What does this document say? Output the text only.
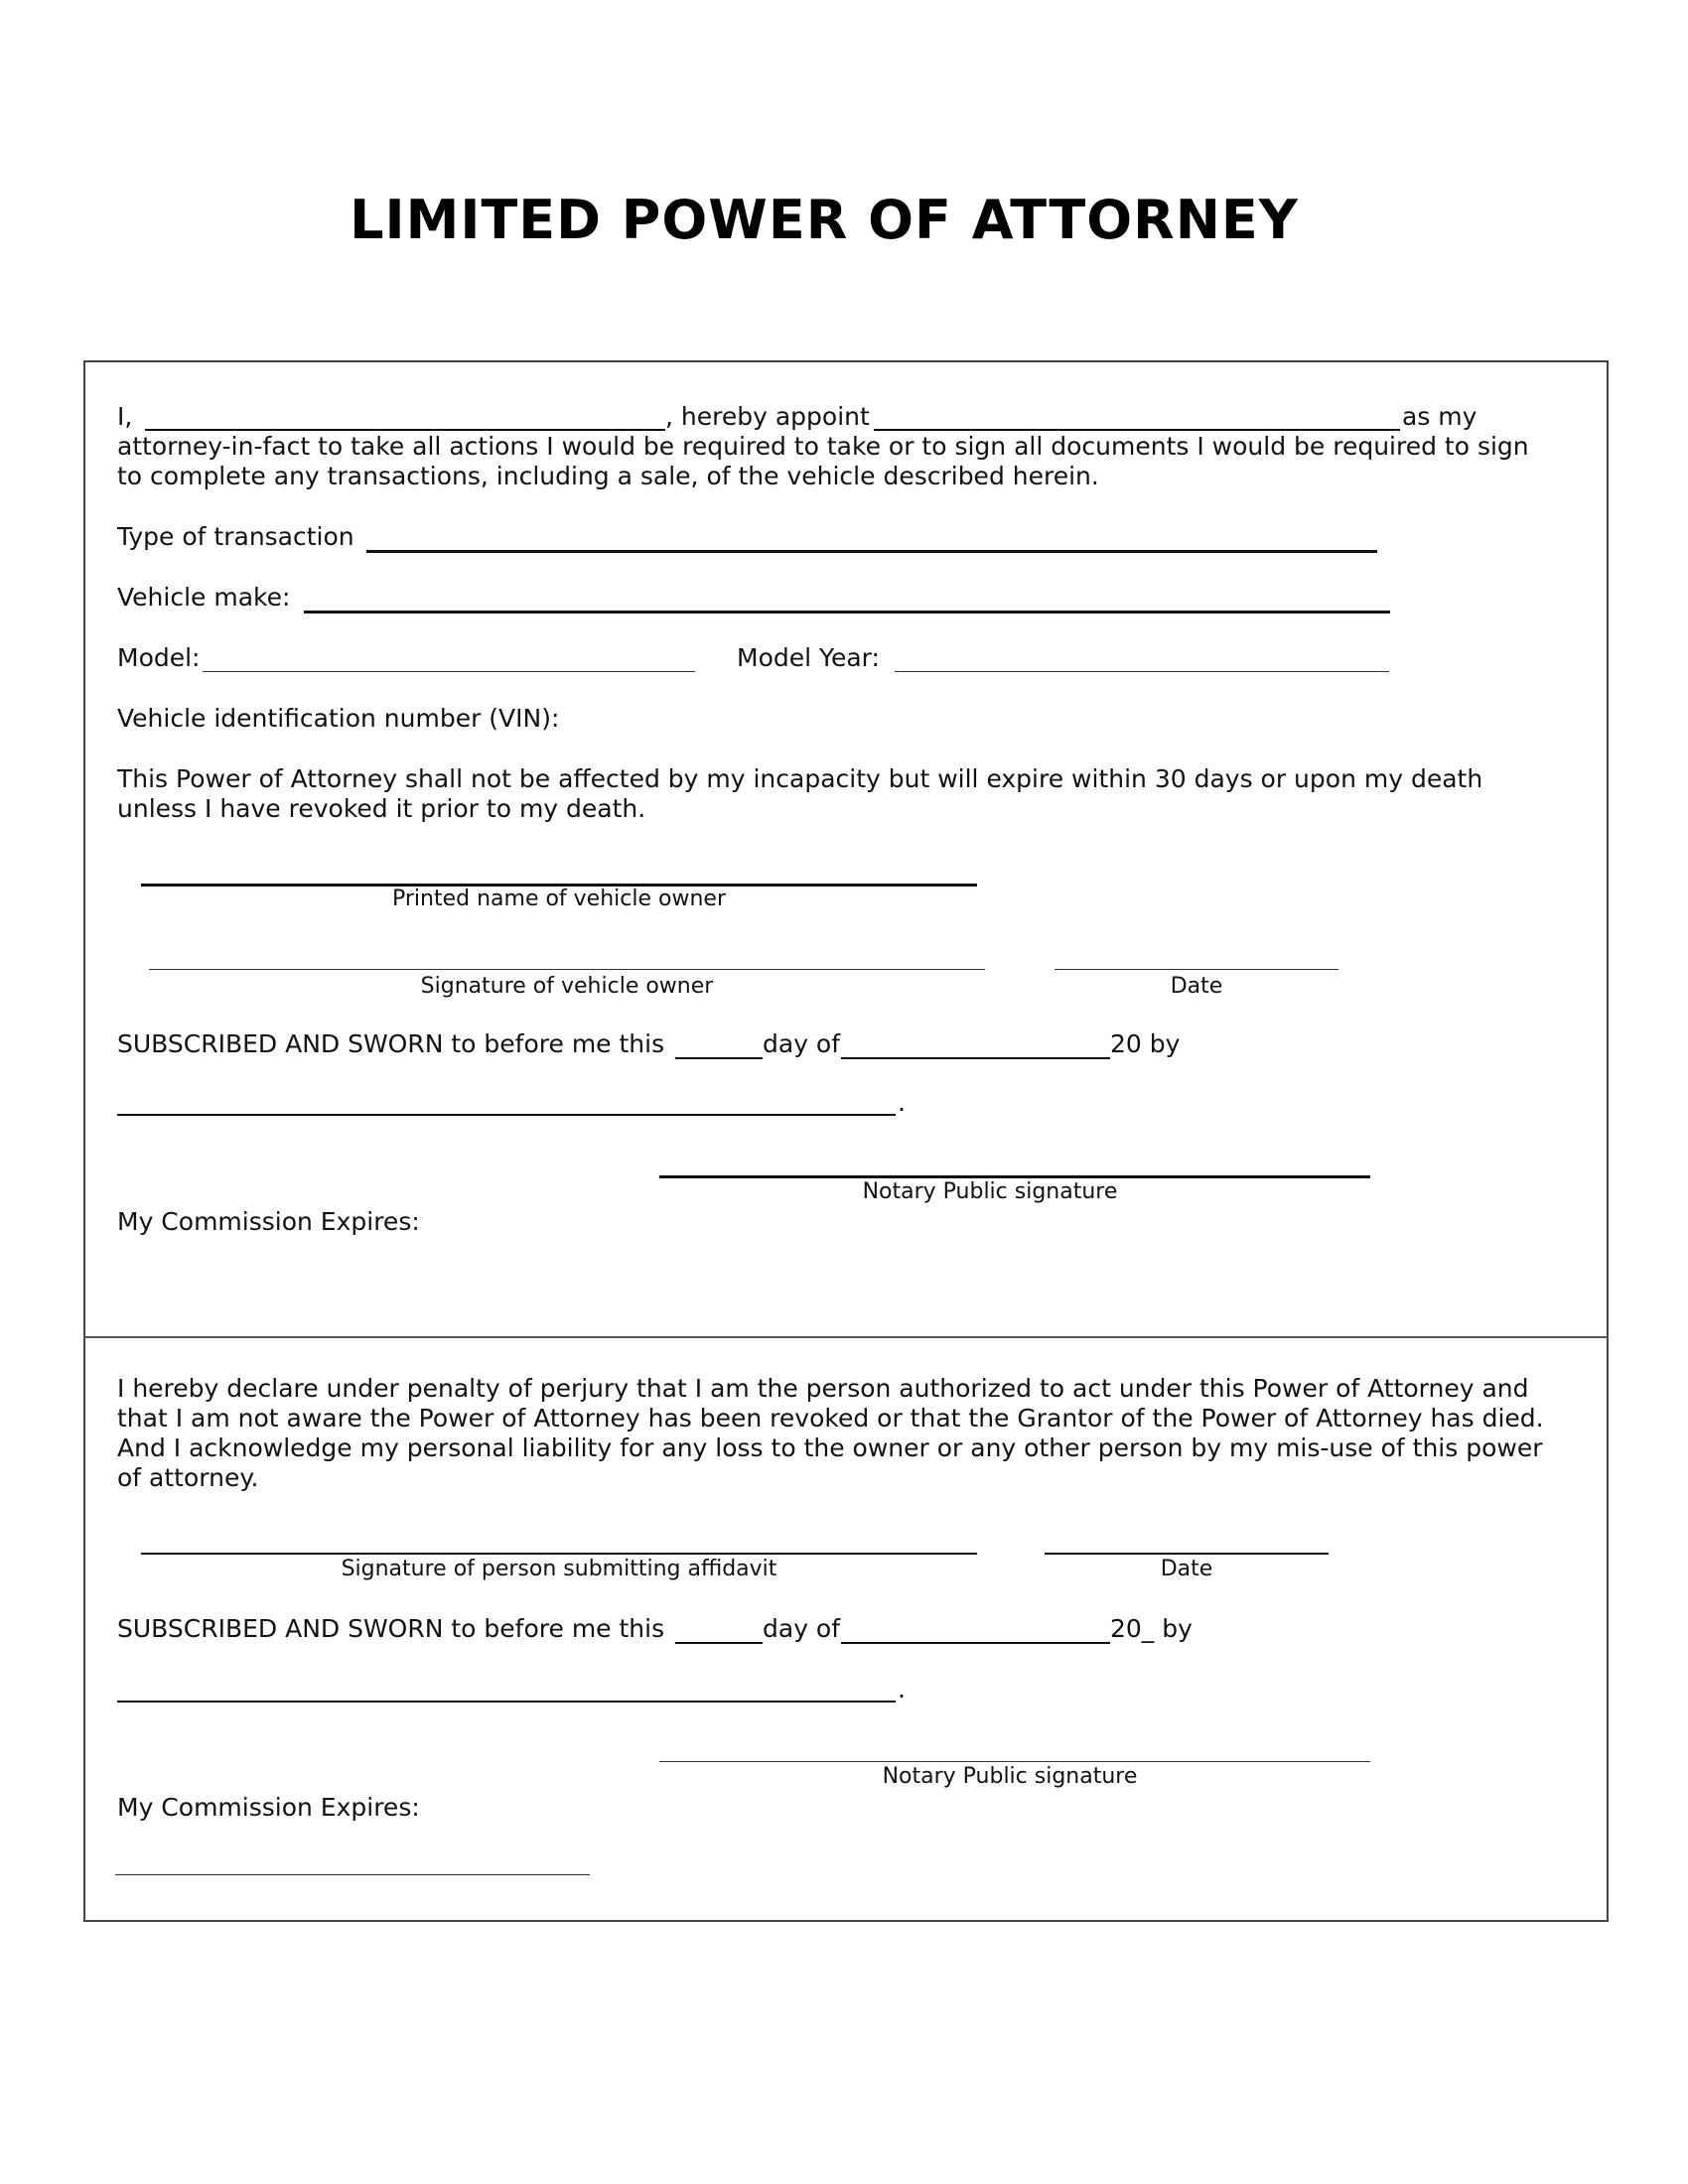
LIMITED POWER OF ATTORNEY
I,	, hereby appoint	as my
attorney-in-fact to take all actions I would be required to take or to sign all documents I would be required to sign
to complete any transactions, including a sale, of the vehicle described herein.
Type of transaction
Vehicle make:
Model:	Model Year:
Vehicle identification number (VIN):
This Power of Attorney shall not be affected by my incapacity but will expire within 30 days or upon my death
unless I have revoked it prior to my death.
Printed name of vehicle owner
Signature of vehicle owner	Date
SUBSCRIBED AND SWORN to before me this	day of	20 by
.
Notary Public signature
My Commission Expires:
I hereby declare under penalty of perjury that I am the person authorized to act under this Power of Attorney and
that I am not aware the Power of Attorney has been revoked or that the Grantor of the Power of Attorney has died.
And I acknowledge my personal liability for any loss to the owner or any other person by my mis-use of this power
of attorney.
Signature of person submitting affidavit	Date
SUBSCRIBED AND SWORN to before me this	day of	20_ by
.
Notary Public signature
My Commission Expires:
